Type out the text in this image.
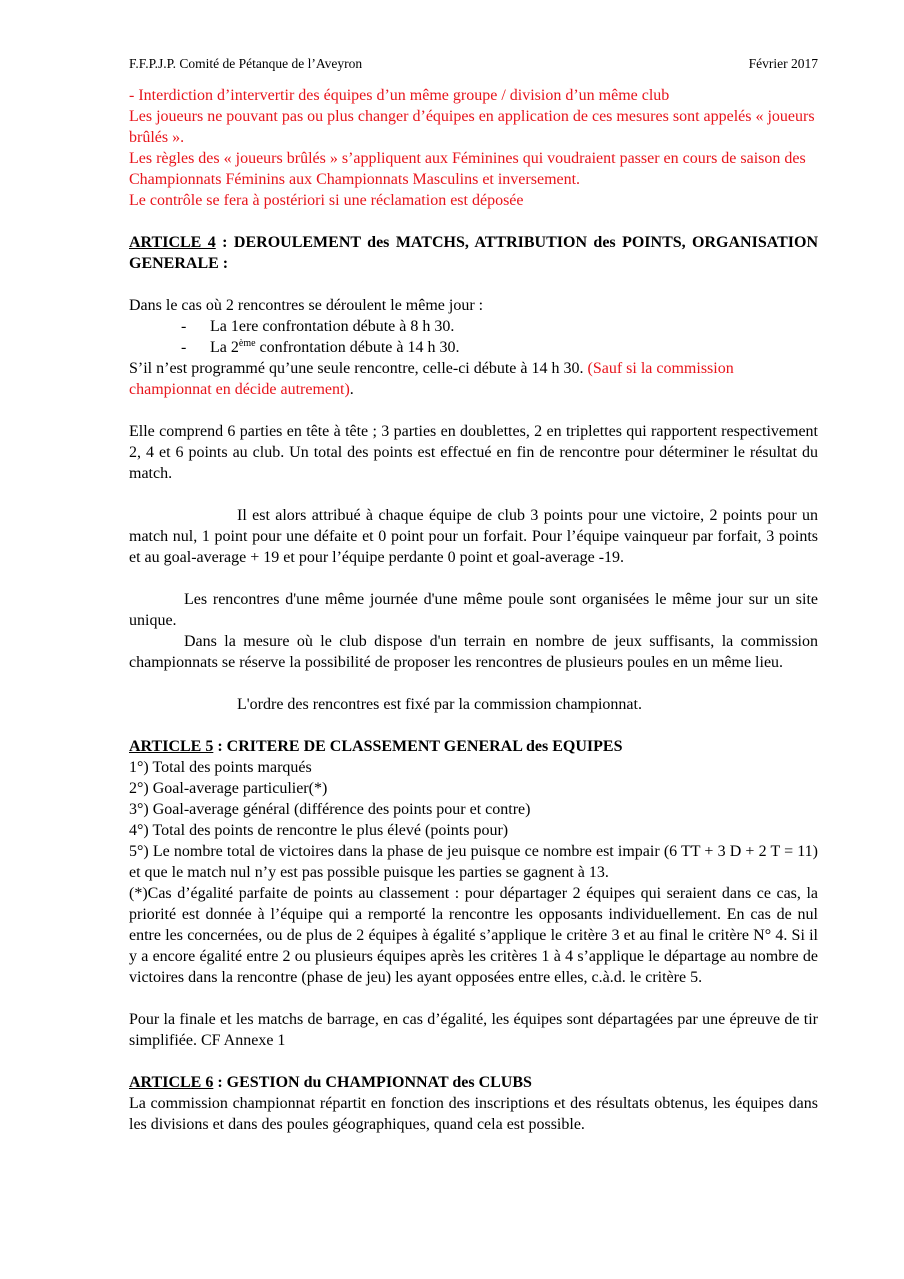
F.F.P.J.P. Comité de Pétanque de l’Aveyron	Février 2017

- Interdiction d’intervertir des équipes d’un même groupe / division d’un même club

Les joueurs ne pouvant pas ou plus changer d’équipes en application de ces mesures sont appelés « joueurs brûlés ».

Les règles des « joueurs brûlés » s’appliquent aux Féminines qui voudraient passer en cours de saison des Championnats Féminins aux Championnats Masculins et inversement.

Le contrôle se fera à postériori si une réclamation est déposée

ARTICLE 4 : DEROULEMENT des MATCHS, ATTRIBUTION des POINTS, ORGANISATION GENERALE :

Dans le cas où 2 rencontres se déroulent le même jour :

-	La 1ere confrontation débute à 8 h 30.
-	La 2ème confrontation débute à 14 h 30.

S’il n’est programmé qu’une seule rencontre, celle-ci débute à 14 h 30. (Sauf si la commission championnat en décide autrement).

Elle comprend 6 parties en tête à tête ; 3 parties en doublettes, 2 en triplettes qui rapportent respectivement 2, 4 et 6 points au club. Un total des points est effectué en fin de rencontre pour déterminer le résultat du match.

Il est alors attribué à chaque équipe de club 3 points pour une victoire, 2 points pour un match nul, 1 point pour une défaite et 0 point pour un forfait. Pour l’équipe vainqueur par forfait, 3 points et au goal-average + 19 et pour l’équipe perdante 0 point et goal-average -19.

Les rencontres d'une même journée d'une même poule sont organisées le même jour sur un site unique.

Dans la mesure où le club dispose d'un terrain en nombre de jeux suffisants, la commission championnats se réserve la possibilité de proposer les rencontres de plusieurs poules en un même lieu.

L'ordre des rencontres est fixé par la commission championnat.

ARTICLE 5 : CRITERE DE CLASSEMENT GENERAL des EQUIPES

1°) Total des points marqués

2°) Goal-average particulier(*)

3°) Goal-average général (différence des points pour et contre)

4°) Total des points de rencontre le plus élevé (points pour)

5°) Le nombre total de victoires dans la phase de jeu puisque ce nombre est impair (6 TT + 3 D + 2 T = 11) et que le match nul n’y est pas possible puisque les parties se gagnent à 13.

(*)Cas d’égalité parfaite de points au classement : pour départager 2 équipes qui seraient dans ce cas, la priorité est donnée à l’équipe qui a remporté la rencontre les opposants individuellement. En cas de nul entre les concernées, ou de plus de 2 équipes à égalité s’applique le critère 3 et au final le critère N° 4. Si il y a encore égalité entre 2 ou plusieurs équipes après les critères 1 à 4 s’applique le départage au nombre de victoires dans la rencontre (phase de jeu) les ayant opposées entre elles, c.à.d. le critère 5.

Pour la finale et les matchs de barrage, en cas d’égalité, les équipes sont départagées par une épreuve de tir simplifiée. CF Annexe 1

ARTICLE 6 : GESTION du CHAMPIONNAT des CLUBS

La commission championnat répartit en fonction des inscriptions et des résultats obtenus, les équipes dans les divisions et dans des poules géographiques, quand cela est possible.
